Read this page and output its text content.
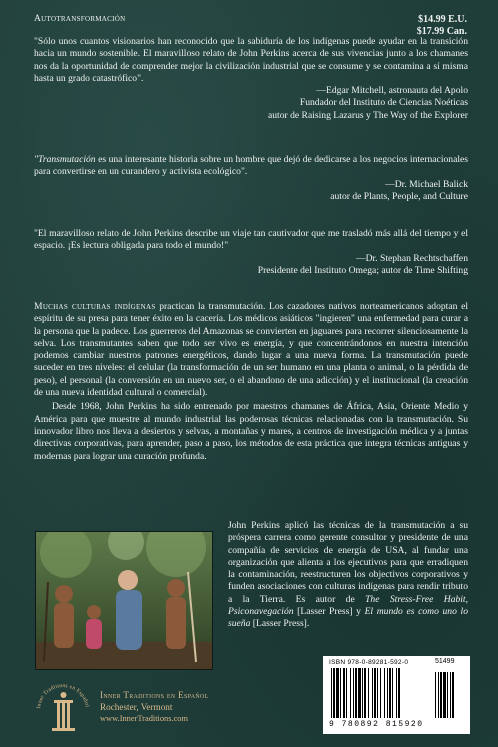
Autotransformación	$14.99 E.U.
$17.99 Can.

"Sólo unos cuantos visionarios han reconocido que la sabiduría de los indígenas puede ayudar en la transición hacia un mundo sostenible. El maravilloso relato de John Perkins acerca de sus vivencias junto a los chamanes nos da la oportunidad de comprender mejor la civilización industrial que se consume y se contamina a sí misma hasta un grado catastrófico".

—Edgar Mitchell, astronauta del Apolo
Fundador del Instituto de Ciencias Noéticas
autor de Raising Lazarus y The Way of the Explorer

"Transmutación es una interesante historia sobre un hombre que dejó de dedicarse a los negocios internacionales para convertirse en un curandero y activista ecológico".

—Dr. Michael Balick
autor de Plants, People, and Culture

"El maravilloso relato de John Perkins describe un viaje tan cautivador que me trasladó más allá del tiempo y el espacio. ¡Es lectura obligada para todo el mundo!"

—Dr. Stephan Rechtschaffen
Presidente del Instituto Omega; autor de Time Shifting

Muchas culturas indígenas practican la transmutación. Los cazadores nativos norteamericanos adoptan el espíritu de su presa para tener éxito en la cacería. Los médicos asiáticos "ingieren" una enfermedad para curar a la persona que la padece. Los guerreros del Amazonas se convierten en jaguares para recorrer silenciosamente la selva. Los transmutantes saben que todo ser vivo es energía, y que concentrándonos en nuestra intención podemos cambiar nuestros patrones energéticos, dando lugar a una nueva forma. La transmutación puede suceder en tres niveles: el celular (la transformación de un ser humano en una planta o animal, o la pérdida de peso), el personal (la conversión en un nuevo ser, o el abandono de una adicción) y el institucional (la creación de una nueva identidad cultural o comercial).

Desde 1968, John Perkins ha sido entrenado por maestros chamanes de África, Asia, Oriente Medio y América para que muestre al mundo industrial las poderosas técnicas relacionadas con la transmutación. Su innovador libro nos lleva a desiertos y selvas, a montañas y mares, a centros de investigación médica y a juntas directivas corporativas, para aprender, paso a paso, los métodos de esta práctica que integra técnicas antiguas y modernas para lograr una curación profunda.

John Perkins aplicó las técnicas de la transmutación a su próspera carrera como gerente consultor y presidente de una compañía de servicios de energía de USA, al fundar una organización que alienta a los ejecutivos para que erradiquen la contaminación, reestructuren los objectivos corporativos y funden asociaciones con culturas indígenas para rendir tributo a la Tierra. Es autor de The Stress-Free Habit, Psiconavegación [Lasser Press] y El mundo es como uno lo sueña [Lasser Press].
Inner Traditions en Español
Inner Traditions en Español
Rochester, Vermont
www.InnerTraditions.com
ISBN 978-0-89281-592-0	51499
9 780892 815920
